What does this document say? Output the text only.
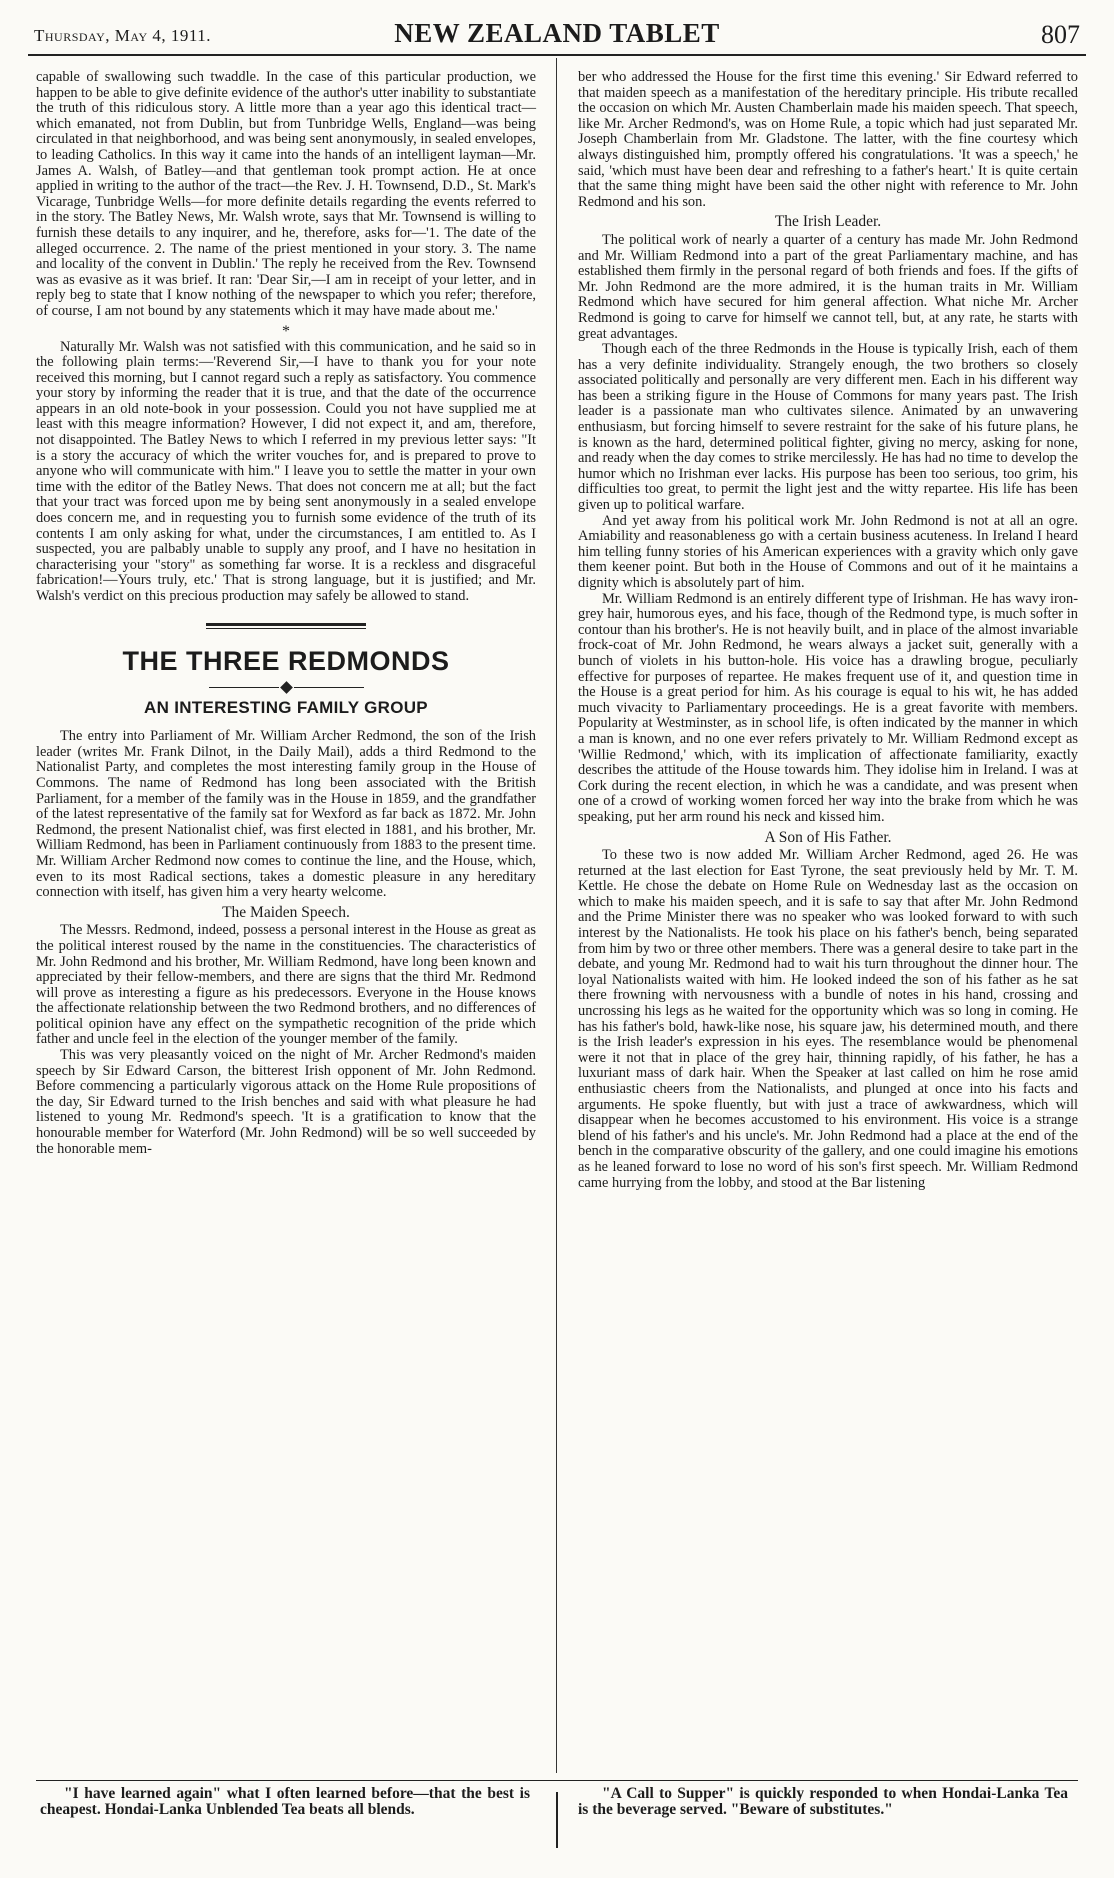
Thursday, May 4, 1911.	NEW ZEALAND TABLET	807

capable of swallowing such twaddle. In the case of this particular production, we happen to be able to give definite evidence of the author's utter inability to substantiate the truth of this ridiculous story. A little more than a year ago this identical tract—which emanated, not from Dublin, but from Tunbridge Wells, England—was being circulated in that neighborhood, and was being sent anonymously, in sealed envelopes, to leading Catholics. In this way it came into the hands of an intelligent layman—Mr. James A. Walsh, of Batley—and that gentleman took prompt action. He at once applied in writing to the author of the tract—the Rev. J. H. Townsend, D.D., St. Mark's Vicarage, Tunbridge Wells—for more definite details regarding the events referred to in the story. The Batley News, Mr. Walsh wrote, says that Mr. Townsend is willing to furnish these details to any inquirer, and he, therefore, asks for—'1. The date of the alleged occurrence. 2. The name of the priest mentioned in your story. 3. The name and locality of the convent in Dublin.' The reply he received from the Rev. Townsend was as evasive as it was brief. It ran: 'Dear Sir,—I am in receipt of your letter, and in reply beg to state that I know nothing of the newspaper to which you refer; therefore, of course, I am not bound by any statements which it may have made about me.'

*

Naturally Mr. Walsh was not satisfied with this communication, and he said so in the following plain terms:—'Reverend Sir,—I have to thank you for your note received this morning, but I cannot regard such a reply as satisfactory. You commence your story by informing the reader that it is true, and that the date of the occurrence appears in an old note-book in your possession. Could you not have supplied me at least with this meagre information? However, I did not expect it, and am, therefore, not disappointed. The Batley News to which I referred in my previous letter says: "It is a story the accuracy of which the writer vouches for, and is prepared to prove to anyone who will communicate with him." I leave you to settle the matter in your own time with the editor of the Batley News. That does not concern me at all; but the fact that your tract was forced upon me by being sent anonymously in a sealed envelope does concern me, and in requesting you to furnish some evidence of the truth of its contents I am only asking for what, under the circumstances, I am entitled to. As I suspected, you are palbably unable to supply any proof, and I have no hesitation in characterising your "story" as something far worse. It is a reckless and disgraceful fabrication!—Yours truly, etc.' That is strong language, but it is justified; and Mr. Walsh's verdict on this precious production may safely be allowed to stand.

THE THREE REDMONDS
AN INTERESTING FAMILY GROUP

The entry into Parliament of Mr. William Archer Redmond, the son of the Irish leader (writes Mr. Frank Dilnot, in the Daily Mail), adds a third Redmond to the Nationalist Party, and completes the most interesting family group in the House of Commons. The name of Redmond has long been associated with the British Parliament, for a member of the family was in the House in 1859, and the grandfather of the latest representative of the family sat for Wexford as far back as 1872. Mr. John Redmond, the present Nationalist chief, was first elected in 1881, and his brother, Mr. William Redmond, has been in Parliament continuously from 1883 to the present time. Mr. William Archer Redmond now comes to continue the line, and the House, which, even to its most Radical sections, takes a domestic pleasure in any hereditary connection with itself, has given him a very hearty welcome.

The Maiden Speech.

The Messrs. Redmond, indeed, possess a personal interest in the House as great as the political interest roused by the name in the constituencies. The characteristics of Mr. John Redmond and his brother, Mr. William Redmond, have long been known and appreciated by their fellow-members, and there are signs that the third Mr. Redmond will prove as interesting a figure as his predecessors. Everyone in the House knows the affectionate relationship between the two Redmond brothers, and no differences of political opinion have any effect on the sympathetic recognition of the pride which father and uncle feel in the election of the younger member of the family.

This was very pleasantly voiced on the night of Mr. Archer Redmond's maiden speech by Sir Edward Carson, the bitterest Irish opponent of Mr. John Redmond. Before commencing a particularly vigorous attack on the Home Rule propositions of the day, Sir Edward turned to the Irish benches and said with what pleasure he had listened to young Mr. Redmond's speech. 'It is a gratification to know that the honourable member for Waterford (Mr. John Redmond) will be so well succeeded by the honorable mem-

ber who addressed the House for the first time this evening.' Sir Edward referred to that maiden speech as a manifestation of the hereditary principle. His tribute recalled the occasion on which Mr. Austen Chamberlain made his maiden speech. That speech, like Mr. Archer Redmond's, was on Home Rule, a topic which had just separated Mr. Joseph Chamberlain from Mr. Gladstone. The latter, with the fine courtesy which always distinguished him, promptly offered his congratulations. 'It was a speech,' he said, 'which must have been dear and refreshing to a father's heart.' It is quite certain that the same thing might have been said the other night with reference to Mr. John Redmond and his son.

The Irish Leader.

The political work of nearly a quarter of a century has made Mr. John Redmond and Mr. William Redmond into a part of the great Parliamentary machine, and has established them firmly in the personal regard of both friends and foes. If the gifts of Mr. John Redmond are the more admired, it is the human traits in Mr. William Redmond which have secured for him general affection. What niche Mr. Archer Redmond is going to carve for himself we cannot tell, but, at any rate, he starts with great advantages.

Though each of the three Redmonds in the House is typically Irish, each of them has a very definite individuality. Strangely enough, the two brothers so closely associated politically and personally are very different men. Each in his different way has been a striking figure in the House of Commons for many years past. The Irish leader is a passionate man who cultivates silence. Animated by an unwavering enthusiasm, but forcing himself to severe restraint for the sake of his future plans, he is known as the hard, determined political fighter, giving no mercy, asking for none, and ready when the day comes to strike mercilessly. He has had no time to develop the humor which no Irishman ever lacks. His purpose has been too serious, too grim, his difficulties too great, to permit the light jest and the witty repartee. His life has been given up to political warfare.

And yet away from his political work Mr. John Redmond is not at all an ogre. Amiability and reasonableness go with a certain business acuteness. In Ireland I heard him telling funny stories of his American experiences with a gravity which only gave them keener point. But both in the House of Commons and out of it he maintains a dignity which is absolutely part of him.

Mr. William Redmond is an entirely different type of Irishman. He has wavy iron-grey hair, humorous eyes, and his face, though of the Redmond type, is much softer in contour than his brother's. He is not heavily built, and in place of the almost invariable frock-coat of Mr. John Redmond, he wears always a jacket suit, generally with a bunch of violets in his button-hole. His voice has a drawling brogue, peculiarly effective for purposes of repartee. He makes frequent use of it, and question time in the House is a great period for him. As his courage is equal to his wit, he has added much vivacity to Parliamentary proceedings. He is a great favorite with members. Popularity at Westminster, as in school life, is often indicated by the manner in which a man is known, and no one ever refers privately to Mr. William Redmond except as 'Willie Redmond,' which, with its implication of affectionate familiarity, exactly describes the attitude of the House towards him. They idolise him in Ireland. I was at Cork during the recent election, in which he was a candidate, and was present when one of a crowd of working women forced her way into the brake from which he was speaking, put her arm round his neck and kissed him.

A Son of His Father.

To these two is now added Mr. William Archer Redmond, aged 26. He was returned at the last election for East Tyrone, the seat previously held by Mr. T. M. Kettle. He chose the debate on Home Rule on Wednesday last as the occasion on which to make his maiden speech, and it is safe to say that after Mr. John Redmond and the Prime Minister there was no speaker who was looked forward to with such interest by the Nationalists. He took his place on his father's bench, being separated from him by two or three other members. There was a general desire to take part in the debate, and young Mr. Redmond had to wait his turn throughout the dinner hour. The loyal Nationalists waited with him. He looked indeed the son of his father as he sat there frowning with nervousness with a bundle of notes in his hand, crossing and uncrossing his legs as he waited for the opportunity which was so long in coming. He has his father's bold, hawk-like nose, his square jaw, his determined mouth, and there is the Irish leader's expression in his eyes. The resemblance would be phenomenal were it not that in place of the grey hair, thinning rapidly, of his father, he has a luxuriant mass of dark hair. When the Speaker at last called on him he rose amid enthusiastic cheers from the Nationalists, and plunged at once into his facts and arguments. He spoke fluently, but with just a trace of awkwardness, which will disappear when he becomes accustomed to his environment. His voice is a strange blend of his father's and his uncle's. Mr. John Redmond had a place at the end of the bench in the comparative obscurity of the gallery, and one could imagine his emotions as he leaned forward to lose no word of his son's first speech. Mr. William Redmond came hurrying from the lobby, and stood at the Bar listening

"I have learned again" what I often learned before—that the best is cheapest. Hondai-Lanka Unblended Tea beats all blends.
"A Call to Supper" is quickly responded to when Hondai-Lanka Tea is the beverage served. "Beware of substitutes."
